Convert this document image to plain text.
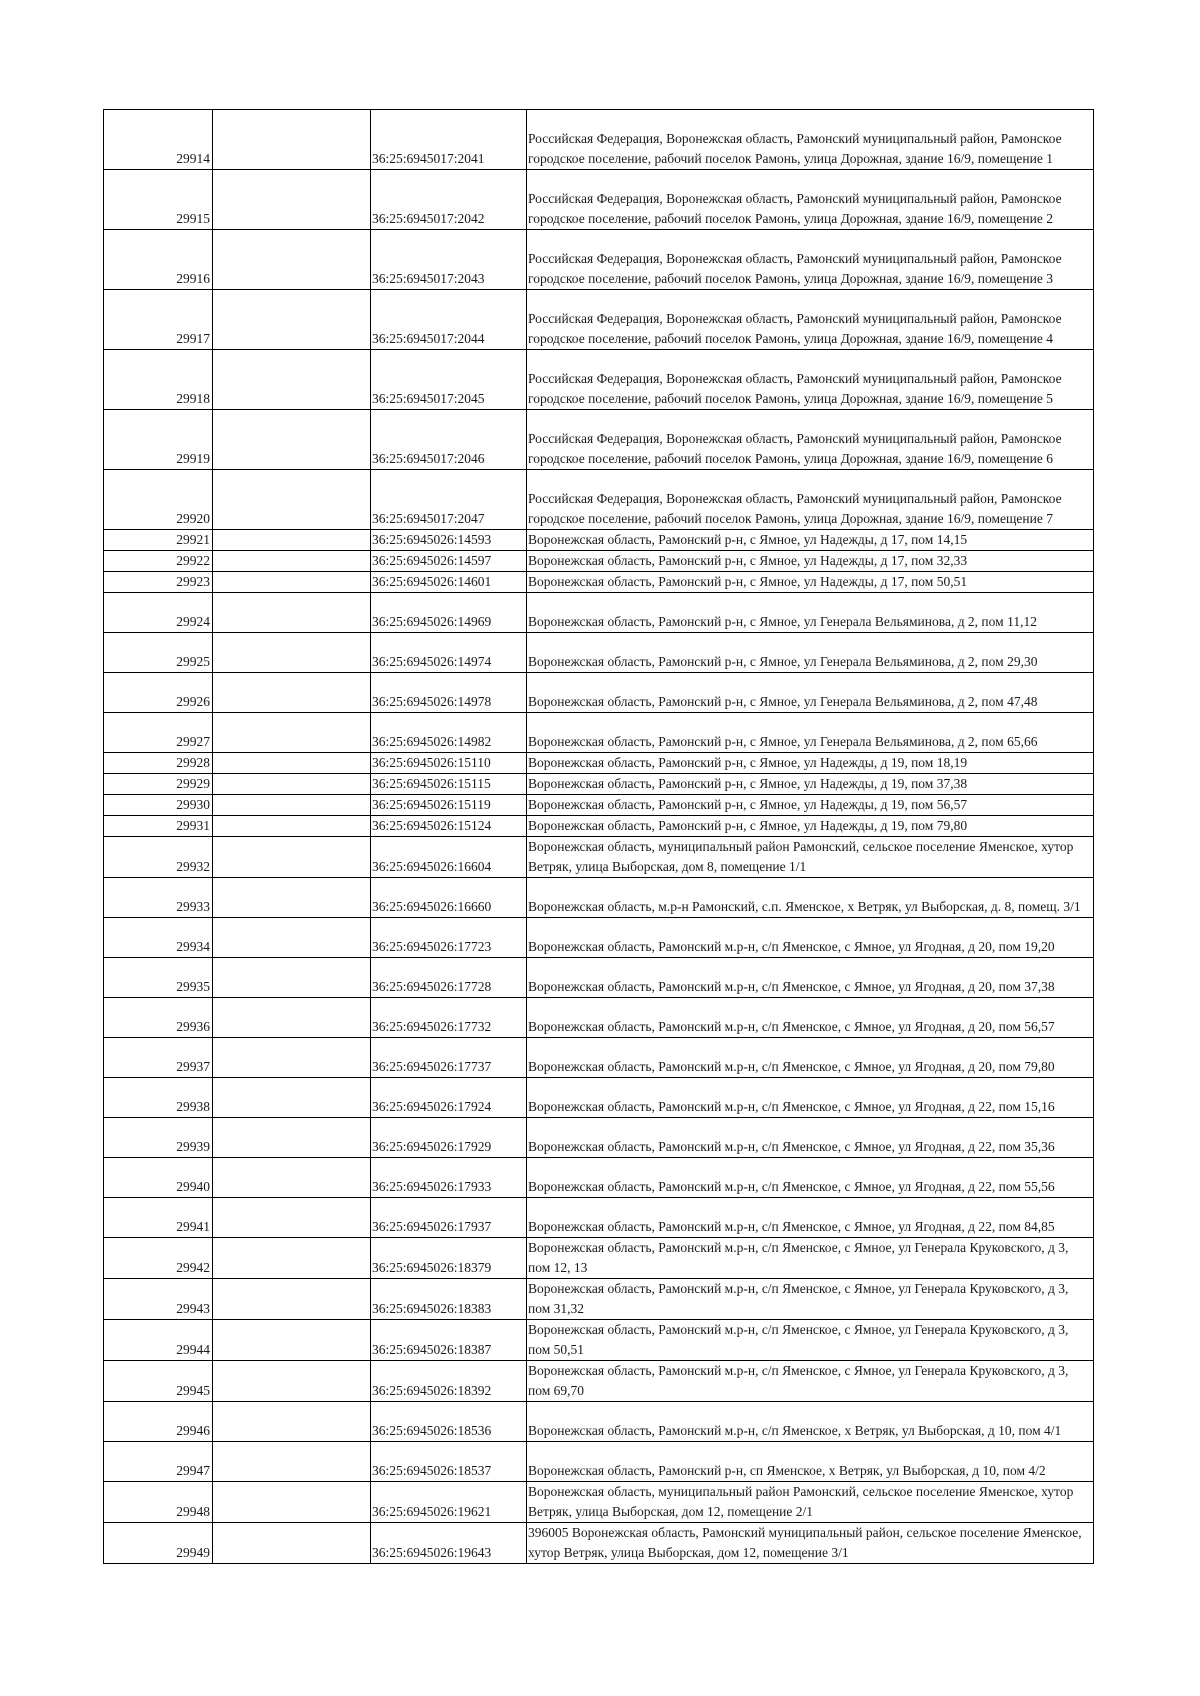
29914		36:25:6945017:2041	Российская Федерация, Воронежская область, Рамонский муниципальный район, Рамонское городское поселение, рабочий поселок Рамонь, улица Дорожная, здание 16/9, помещение 1
29915		36:25:6945017:2042	Российская Федерация, Воронежская область, Рамонский муниципальный район, Рамонское городское поселение, рабочий поселок Рамонь, улица Дорожная, здание 16/9, помещение 2
29916		36:25:6945017:2043	Российская Федерация, Воронежская область, Рамонский муниципальный район, Рамонское городское поселение, рабочий поселок Рамонь, улица Дорожная, здание 16/9, помещение 3
29917		36:25:6945017:2044	Российская Федерация, Воронежская область, Рамонский муниципальный район, Рамонское городское поселение, рабочий поселок Рамонь, улица Дорожная, здание 16/9, помещение 4
29918		36:25:6945017:2045	Российская Федерация, Воронежская область, Рамонский муниципальный район, Рамонское городское поселение, рабочий поселок Рамонь, улица Дорожная, здание 16/9, помещение 5
29919		36:25:6945017:2046	Российская Федерация, Воронежская область, Рамонский муниципальный район, Рамонское городское поселение, рабочий поселок Рамонь, улица Дорожная, здание 16/9, помещение 6
29920		36:25:6945017:2047	Российская Федерация, Воронежская область, Рамонский муниципальный район, Рамонское городское поселение, рабочий поселок Рамонь, улица Дорожная, здание 16/9, помещение 7
29921		36:25:6945026:14593	Воронежская область, Рамонский р-н, с Ямное, ул Надежды, д 17, пом 14,15
29922		36:25:6945026:14597	Воронежская область, Рамонский р-н, с Ямное, ул Надежды, д 17, пом 32,33
29923		36:25:6945026:14601	Воронежская область, Рамонский р-н, с Ямное, ул Надежды, д 17, пом 50,51
29924		36:25:6945026:14969	Воронежская область, Рамонский р-н, с Ямное, ул Генерала Вельяминова, д 2, пом 11,12
29925		36:25:6945026:14974	Воронежская область, Рамонский р-н, с Ямное, ул Генерала Вельяминова, д 2, пом 29,30
29926		36:25:6945026:14978	Воронежская область, Рамонский р-н, с Ямное, ул Генерала Вельяминова, д 2, пом 47,48
29927		36:25:6945026:14982	Воронежская область, Рамонский р-н, с Ямное, ул Генерала Вельяминова, д 2, пом 65,66
29928		36:25:6945026:15110	Воронежская область, Рамонский р-н, с Ямное, ул Надежды, д 19, пом 18,19
29929		36:25:6945026:15115	Воронежская область, Рамонский р-н, с Ямное, ул Надежды, д 19, пом 37,38
29930		36:25:6945026:15119	Воронежская область, Рамонский р-н, с Ямное, ул Надежды, д 19, пом 56,57
29931		36:25:6945026:15124	Воронежская область, Рамонский р-н, с Ямное, ул Надежды, д 19, пом 79,80
29932		36:25:6945026:16604	Воронежская область, муниципальный район Рамонский, сельское поселение Яменское, хутор Ветряк, улица Выборская, дом 8, помещение 1/1
29933		36:25:6945026:16660	Воронежская область, м.р-н Рамонский, с.п. Яменское, х Ветряк, ул Выборская, д. 8, помещ. 3/1
29934		36:25:6945026:17723	Воронежская область, Рамонский м.р-н, с/п Яменское, с Ямное, ул Ягодная, д 20, пом 19,20
29935		36:25:6945026:17728	Воронежская область, Рамонский м.р-н, с/п Яменское, с Ямное, ул Ягодная, д 20, пом 37,38
29936		36:25:6945026:17732	Воронежская область, Рамонский м.р-н, с/п Яменское, с Ямное, ул Ягодная, д 20, пом 56,57
29937		36:25:6945026:17737	Воронежская область, Рамонский м.р-н, с/п Яменское, с Ямное, ул Ягодная, д 20, пом 79,80
29938		36:25:6945026:17924	Воронежская область, Рамонский м.р-н, с/п Яменское, с Ямное, ул Ягодная, д 22, пом 15,16
29939		36:25:6945026:17929	Воронежская область, Рамонский м.р-н, с/п Яменское, с Ямное, ул Ягодная, д 22, пом 35,36
29940		36:25:6945026:17933	Воронежская область, Рамонский м.р-н, с/п Яменское, с Ямное, ул Ягодная, д 22, пом 55,56
29941		36:25:6945026:17937	Воронежская область, Рамонский м.р-н, с/п Яменское, с Ямное, ул Ягодная, д 22, пом 84,85
29942		36:25:6945026:18379	Воронежская область, Рамонский м.р-н, с/п Яменское, с Ямное, ул Генерала Круковского, д 3, пом 12, 13
29943		36:25:6945026:18383	Воронежская область, Рамонский м.р-н, с/п Яменское, с Ямное, ул Генерала Круковского, д 3, пом 31,32
29944		36:25:6945026:18387	Воронежская область, Рамонский м.р-н, с/п Яменское, с Ямное, ул Генерала Круковского, д 3, пом 50,51
29945		36:25:6945026:18392	Воронежская область, Рамонский м.р-н, с/п Яменское, с Ямное, ул Генерала Круковского, д 3, пом 69,70
29946		36:25:6945026:18536	Воронежская область, Рамонский м.р-н, с/п Яменское, х Ветряк, ул Выборская, д 10, пом 4/1
29947		36:25:6945026:18537	Воронежская область, Рамонский р-н, сп Яменское, х Ветряк, ул Выборская, д 10, пом 4/2
29948		36:25:6945026:19621	Воронежская область, муниципальный район Рамонский, сельское поселение Яменское, хутор Ветряк, улица Выборская, дом 12, помещение 2/1
29949		36:25:6945026:19643	396005 Воронежская область, Рамонский муниципальный район, сельское поселение Яменское, хутор Ветряк, улица Выборская, дом 12, помещение 3/1
